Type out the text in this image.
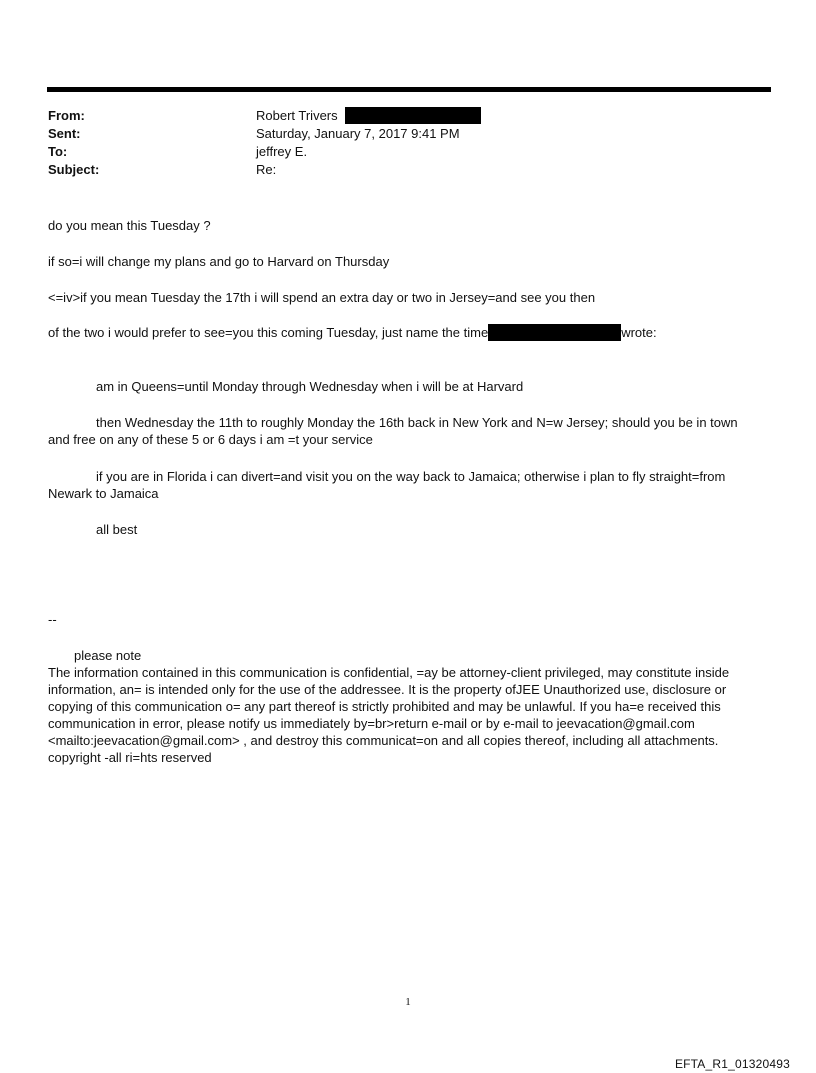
From:	Robert Trivers
Sent:	Saturday, January 7, 2017 9:41 PM
To:	jeffrey E.
Subject:	Re:
do you mean this Tuesday ?
if so=i will change my plans and go to Harvard on Thursday
<=iv>if you mean Tuesday the 17th i will spend an extra day or two in Jersey=and see you then
of the two i would prefer to see=you this coming Tuesday, just name the time	wrote:
am in Queens=until Monday through Wednesday when i will be at Harvard
then Wednesday the 11th to roughly Monday the 16th back in New York and N=w Jersey; should you be in town
and free on any of these 5 or 6 days i am =t your service
if you are in Florida i can divert=and visit you on the way back to Jamaica; otherwise i plan to fly straight=from
Newark to Jamaica
all best
--
please note
The information contained in this communication is confidential, =ay be attorney-client privileged, may constitute inside information, an= is intended only for the use of the addressee. It is the property ofJEE Unauthorized use, disclosure or copying of this communication o= any part thereof is strictly prohibited and may be unlawful. If you ha=e received this communication in error, please notify us immediately by=br>return e-mail or by e-mail to jeevacation@gmail.com <mailto:jeevacation@gmail.com> , and destroy this communicat=on and all copies thereof, including all attachments. copyright -all ri=hts reserved
1
EFTA_R1_01320493
